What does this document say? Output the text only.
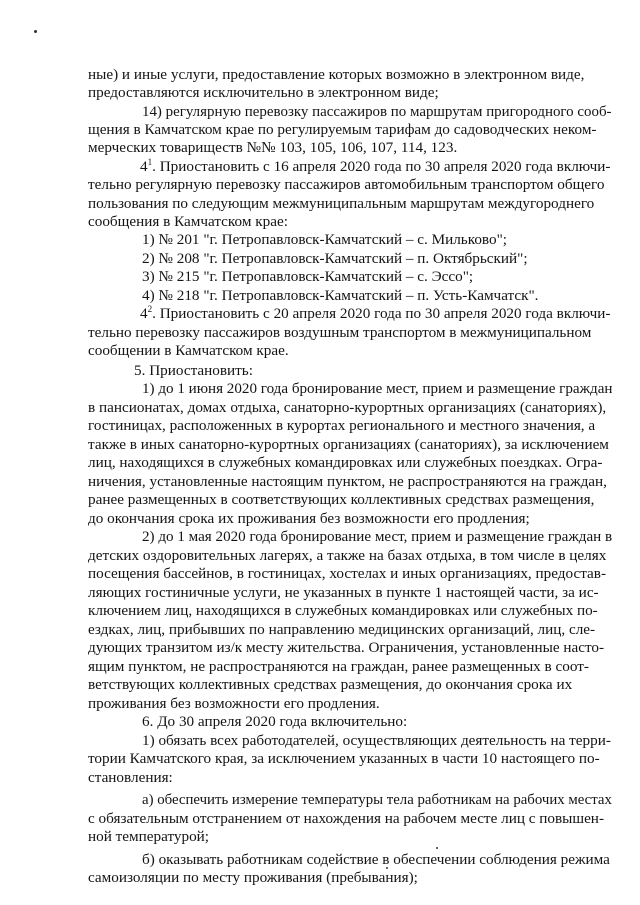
ные) и иные услуги, предоставление которых возможно в электронном виде,
предоставляются исключительно в электронном виде;
14) регулярную перевозку пассажиров по маршрутам пригородного сооб-
щения в Камчатском крае по регулируемым тарифам до садоводческих неком-
мерческих товариществ №№ 103, 105, 106, 107, 114, 123.
$4^1$. Приостановить с 16 апреля 2020 года по 30 апреля 2020 года включи-
тельно регулярную перевозку пассажиров автомобильным транспортом общего
пользования по следующим межмуниципальным маршрутам междугороднего
сообщения в Камчатском крае:
1) № 201 "г. Петропавловск-Камчатский – с. Мильково";
2) № 208 "г. Петропавловск-Камчатский – п. Октябрьский";
3) № 215 "г. Петропавловск-Камчатский – с. Эссо";
4) № 218 "г. Петропавловск-Камчатский – п. Усть-Камчатск".
$4^2$. Приостановить с 20 апреля 2020 года по 30 апреля 2020 года включи-
тельно перевозку пассажиров воздушным транспортом в межмуниципальном
сообщении в Камчатском крае.
5. Приостановить:
1) до 1 июня 2020 года бронирование мест, прием и размещение граждан
в пансионатах, домах отдыха, санаторно-курортных организациях (санаториях),
гостиницах, расположенных в курортах регионального и местного значения, а
также в иных санаторно-курортных организациях (санаториях), за исключением
лиц, находящихся в служебных командировках или служебных поездках. Огра-
ничения, установленные настоящим пунктом, не распространяются на граждан,
ранее размещенных в соответствующих коллективных средствах размещения,
до окончания срока их проживания без возможности его продления;
2) до 1 мая 2020 года бронирование мест, прием и размещение граждан в
детских оздоровительных лагерях, а также на базах отдыха, в том числе в целях
посещения бассейнов, в гостиницах, хостелах и иных организациях, предостав-
ляющих гостиничные услуги, не указанных в пункте 1 настоящей части, за ис-
ключением лиц, находящихся в служебных командировках или служебных по-
ездках, лиц, прибывших по направлению медицинских организаций, лиц, сле-
дующих транзитом из/к месту жительства. Ограничения, установленные насто-
ящим пунктом, не распространяются на граждан, ранее размещенных в соот-
ветствующих коллективных средствах размещения, до окончания срока их
проживания без возможности его продления.
6. До 30 апреля 2020 года включительно:
1) обязать всех работодателей, осуществляющих деятельность на терри-
тории Камчатского края, за исключением указанных в части 10 настоящего по-
становления:
а) обеспечить измерение температуры тела работникам на рабочих местах
с обязательным отстранением от нахождения на рабочем месте лиц с повышен-
ной температурой;
б) оказывать работникам содействие в обеспечении соблюдения режима
самоизоляции по месту проживания (пребывания);
